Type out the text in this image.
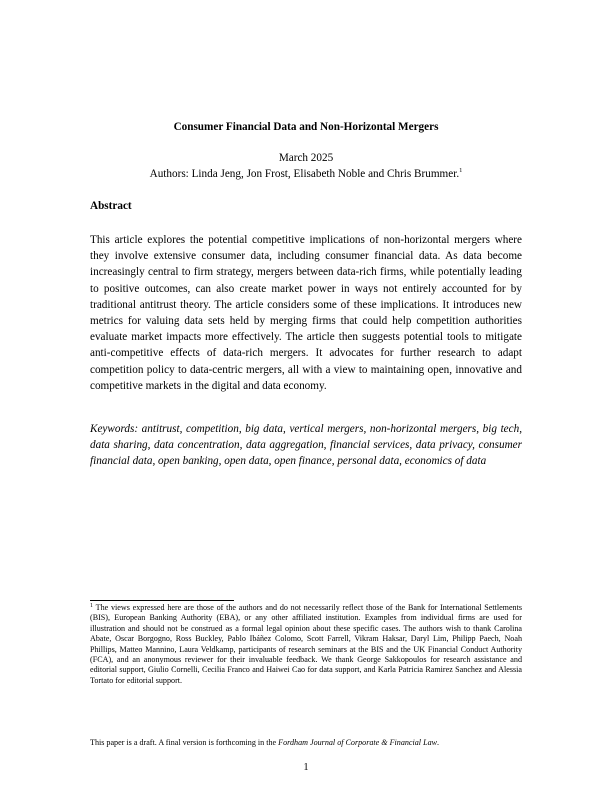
Consumer Financial Data and Non-Horizontal Mergers
March 2025
Authors: Linda Jeng, Jon Frost, Elisabeth Noble and Chris Brummer.$^1$
Abstract

This article explores the potential competitive implications of non-horizontal mergers where they involve extensive consumer data, including consumer financial data. As data become increasingly central to firm strategy, mergers between data-rich firms, while potentially leading to positive outcomes, can also create market power in ways not entirely accounted for by traditional antitrust theory. The article considers some of these implications. It introduces new metrics for valuing data sets held by merging firms that could help competition authorities evaluate market impacts more effectively. The article then suggests potential tools to mitigate anti-competitive effects of data-rich mergers. It advocates for further research to adapt competition policy to data-centric mergers, all with a view to maintaining open, innovative and competitive markets in the digital and data economy.

Keywords: antitrust, competition, big data, vertical mergers, non-horizontal mergers, big tech, data sharing, data concentration, data aggregation, financial services, data privacy, consumer financial data, open banking, open data, open finance, personal data, economics of data

$^1$ The views expressed here are those of the authors and do not necessarily reflect those of the Bank for International Settlements (BIS), European Banking Authority (EBA), or any other affiliated institution. Examples from individual firms are used for illustration and should not be construed as a formal legal opinion about these specific cases. The authors wish to thank Carolina Abate, Oscar Borgogno, Ross Buckley, Pablo Ibáñez Colomo, Scott Farrell, Vikram Haksar, Daryl Lim, Philipp Paech, Noah Phillips, Matteo Mannino, Laura Veldkamp, participants of research seminars at the BIS and the UK Financial Conduct Authority (FCA), and an anonymous reviewer for their invaluable feedback. We thank George Sakkopoulos for research assistance and editorial support, Giulio Cornelli, Cecilia Franco and Haiwei Cao for data support, and Karla Patricia Ramirez Sanchez and Alessia Tortato for editorial support.

This paper is a draft. A final version is forthcoming in the Fordham Journal of Corporate & Financial Law.

1
